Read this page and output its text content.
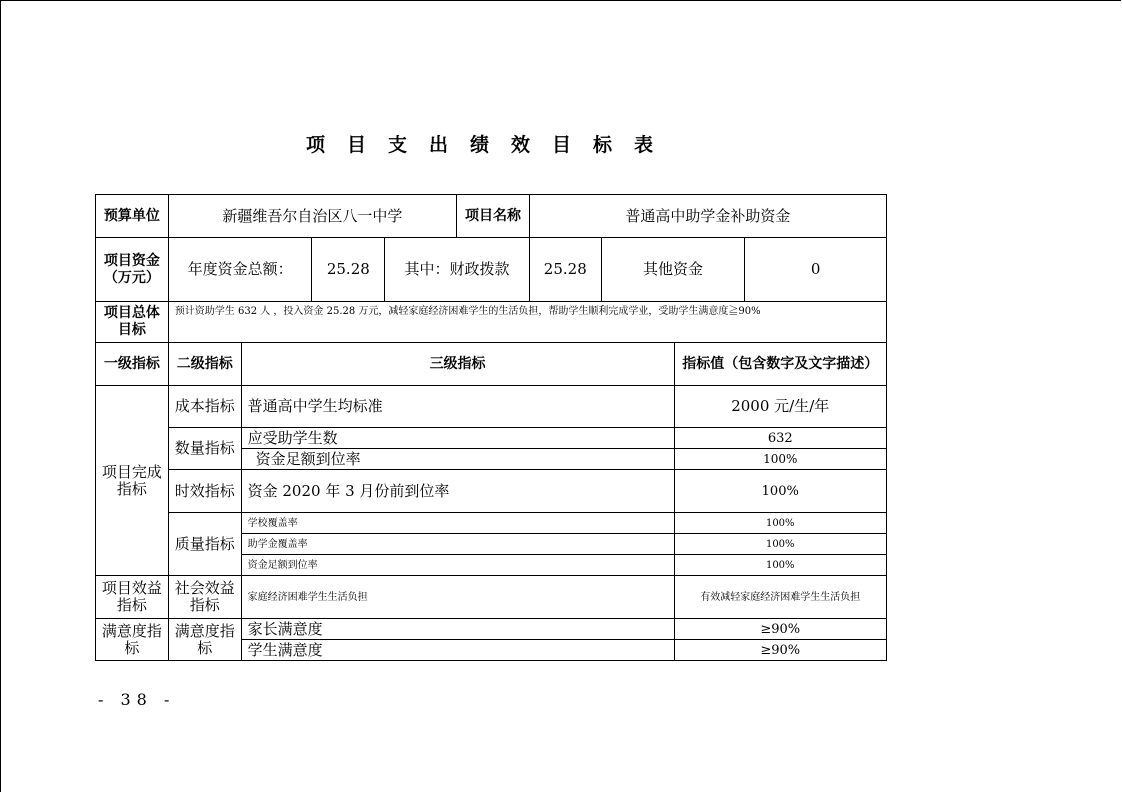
项目支出绩效目标表
预算单位	新疆维吾尔自治区八一中学				项目名称	普通高中助学金补助资金			
项目资金（万元）	年度资金总额：		25.28	其中：财政拨款		25.28	其他资金		0
项目总体目标	预计资助学生 632 人 ，投入资金 25.28 万元，减轻家庭经济困难学生的生活负担，帮助学生顺利完成学业，受助学生满意度≧90%								
一级指标	二级指标	三级指标						指标值（包含数字及文字描述）	
项目完成指标	成本指标	普通高中学生均标准						2000 元/生/年	
	数量指标	应受助学生数						632	
		资金足额到位率						100%	
	时效指标	资金 2020 年 3 月份前到位率						100%	
	质量指标	学校覆盖率						100%	
		助学金覆盖率						100%	
		资金足额到位率						100%	
项目效益指标	社会效益指标	家庭经济困难学生生活负担						有效减轻家庭经济困难学生生活负担	
满意度指标	满意度指标	家长满意度						≥90%	
		学生满意度						≥90%	
- 38 -
